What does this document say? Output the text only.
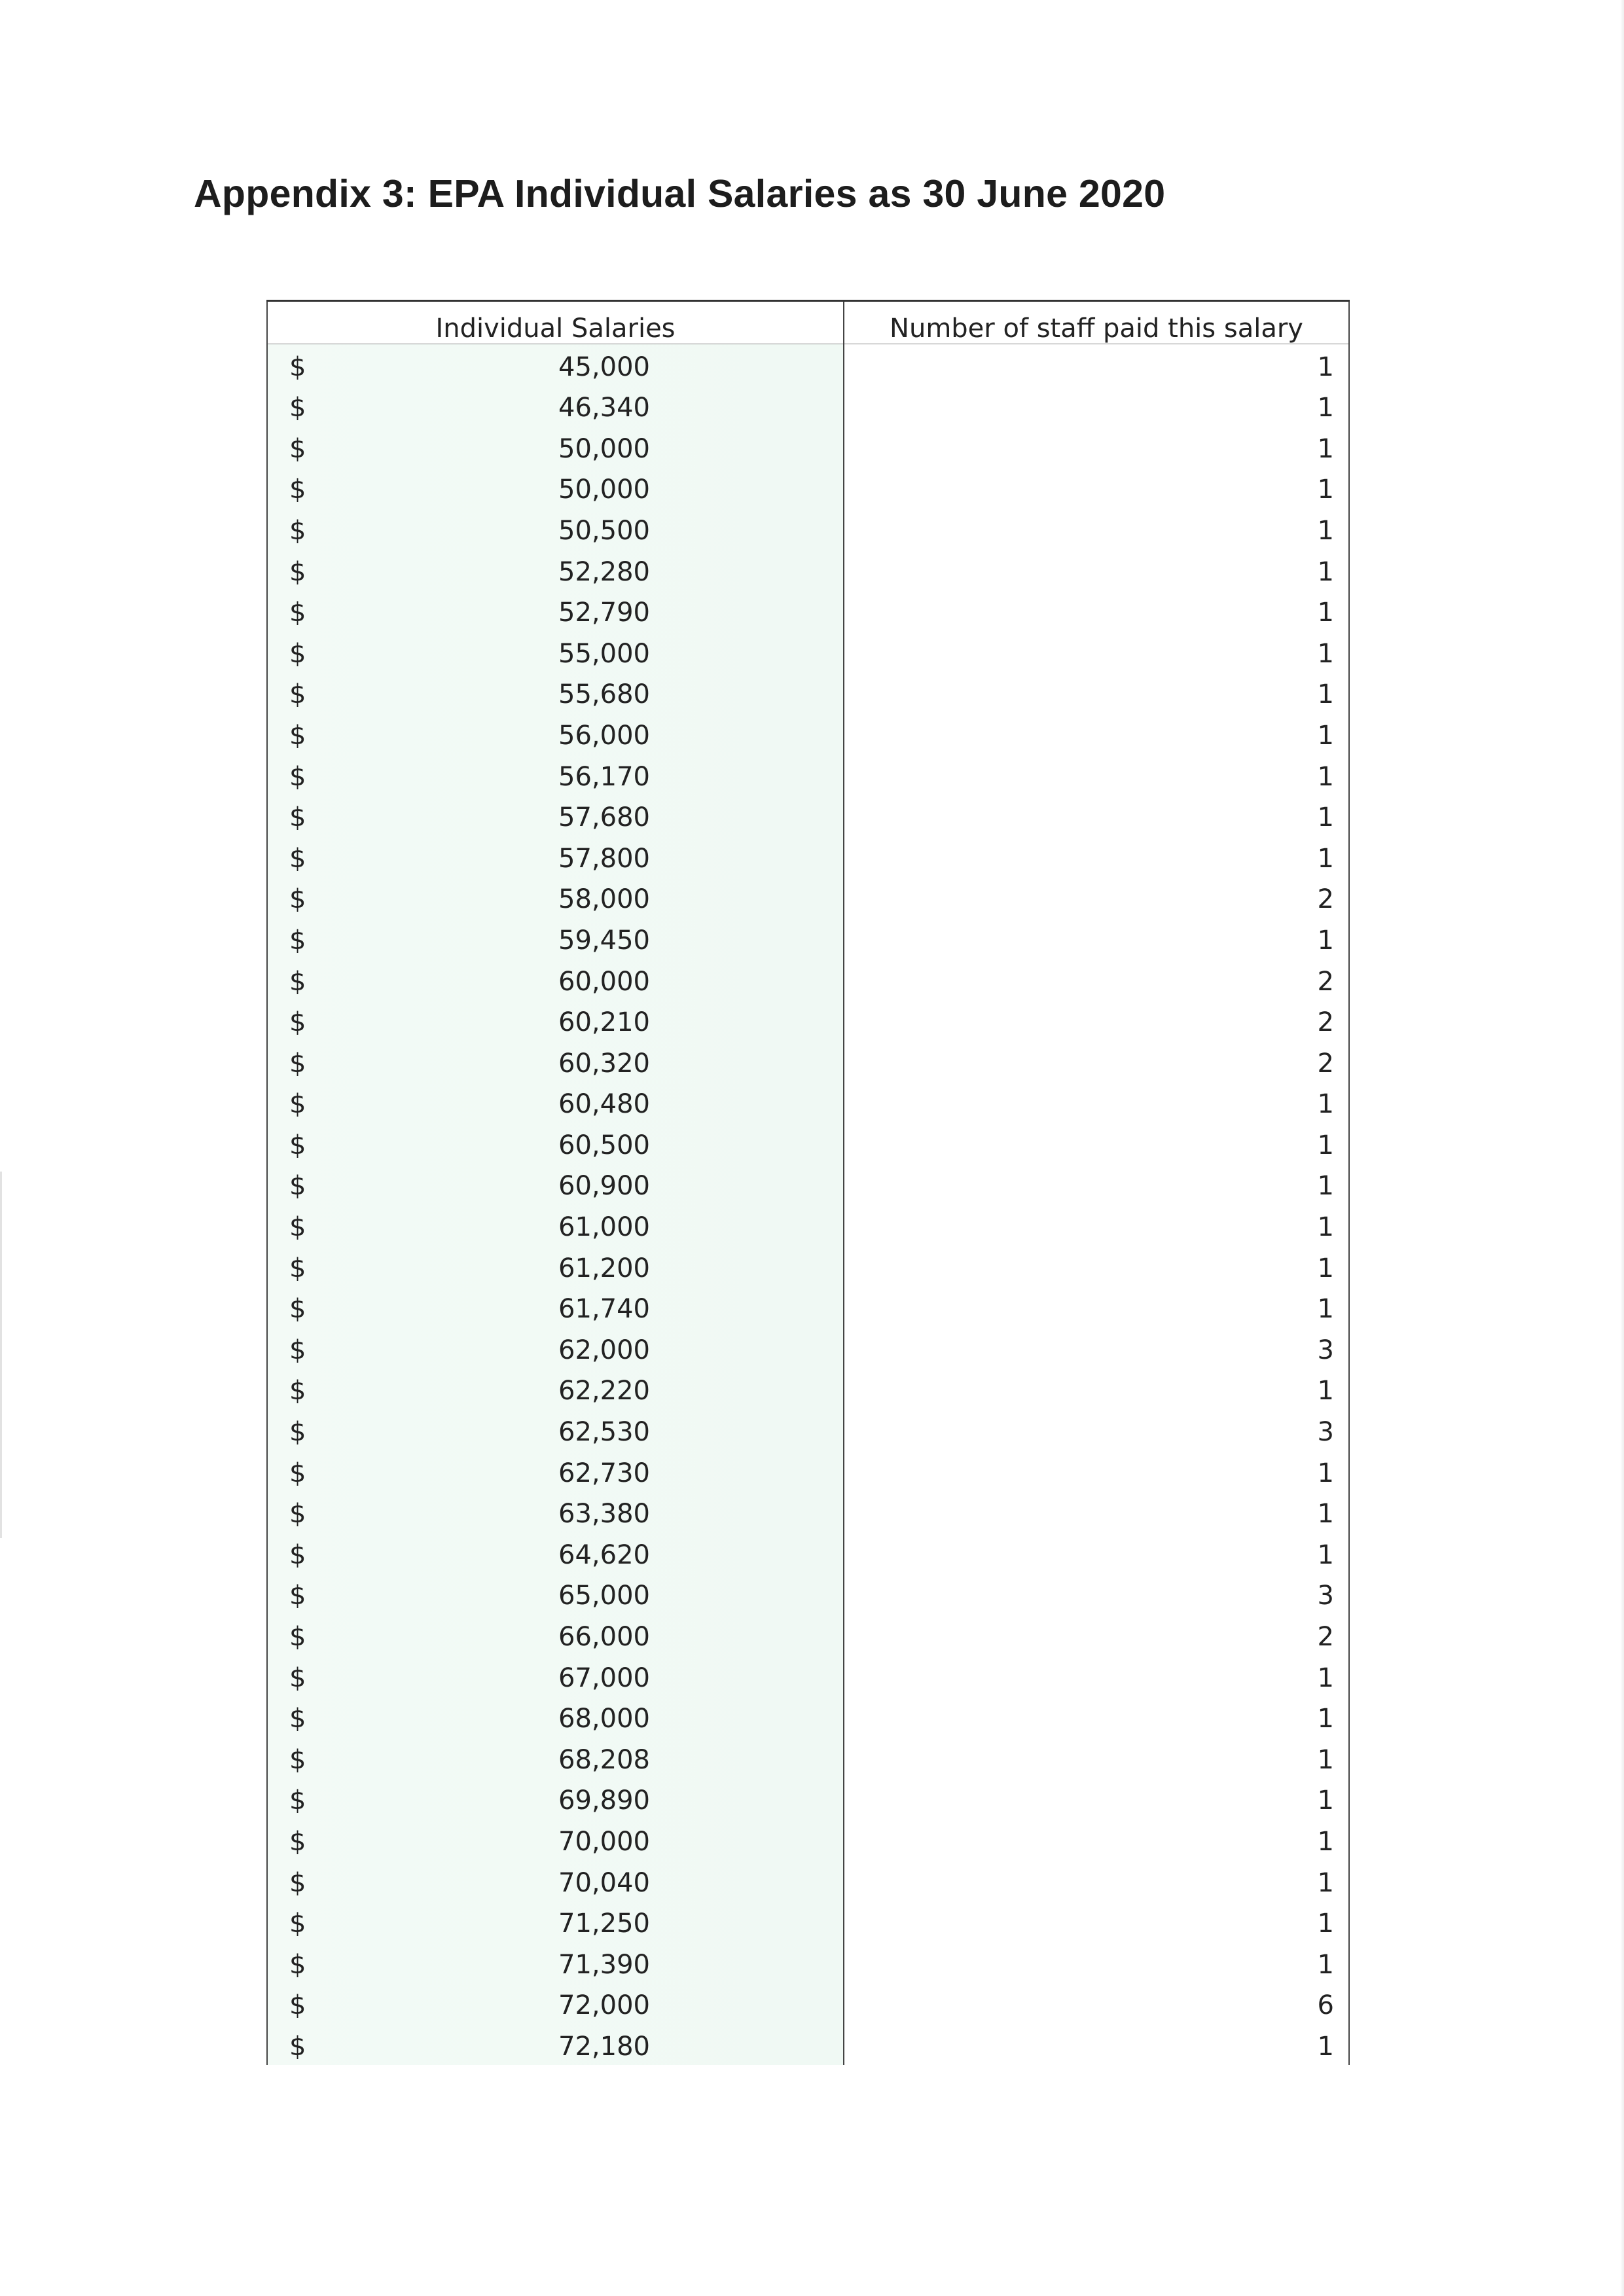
Appendix 3: EPA Individual Salaries as 30 June 2020
Individual Salaries	Number of staff paid this salary

$ 45,000	1

$ 46,340	1

$ 50,000	1

$ 50,000	1

$ 50,500	1

$ 52,280	1

$ 52,790	1

$ 55,000	1

$ 55,680	1

$ 56,000	1

$ 56,170	1

$ 57,680	1

$ 57,800	1

$ 58,000	2

$ 59,450	1

$ 60,000	2

$ 60,210	2

$ 60,320	2

$ 60,480	1

$ 60,500	1

$ 60,900	1

$ 61,000	1

$ 61,200	1

$ 61,740	1

$ 62,000	3

$ 62,220	1

$ 62,530	3

$ 62,730	1

$ 63,380	1

$ 64,620	1

$ 65,000	3

$ 66,000	2

$ 67,000	1

$ 68,000	1

$ 68,208	1

$ 69,890	1

$ 70,000	1

$ 70,040	1

$ 71,250	1

$ 71,390	1

$ 72,000	6

$ 72,180	1
